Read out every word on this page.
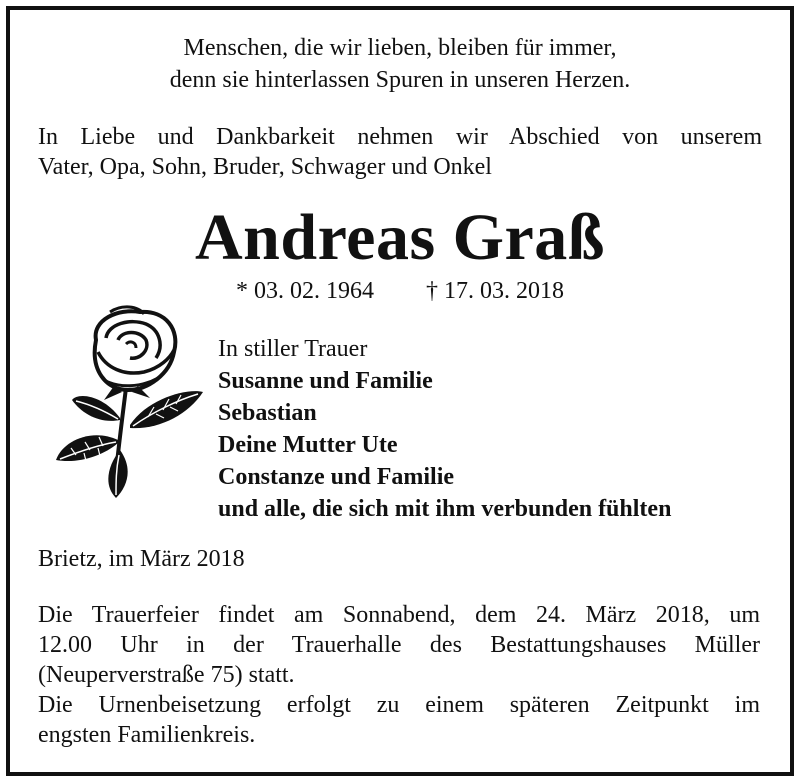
Menschen, die wir lieben, bleiben für immer,
denn sie hinterlassen Spuren in unseren Herzen.
In Liebe und Dankbarkeit nehmen wir Abschied von unserem
Vater, Opa, Sohn, Bruder, Schwager und Onkel
Andreas Graß
* 03. 02. 1964 † 17. 03. 2018
In stiller Trauer
Susanne und Familie
Sebastian
Deine Mutter Ute
Constanze und Familie
und alle, die sich mit ihm verbunden fühlten
Brietz, im März 2018
Die Trauerfeier findet am Sonnabend, dem 24. März 2018, um
12.00 Uhr in der Trauerhalle des Bestattungshauses Müller
(Neuperverstraße 75) statt.
Die Urnenbeisetzung erfolgt zu einem späteren Zeitpunkt im
engsten Familienkreis.
